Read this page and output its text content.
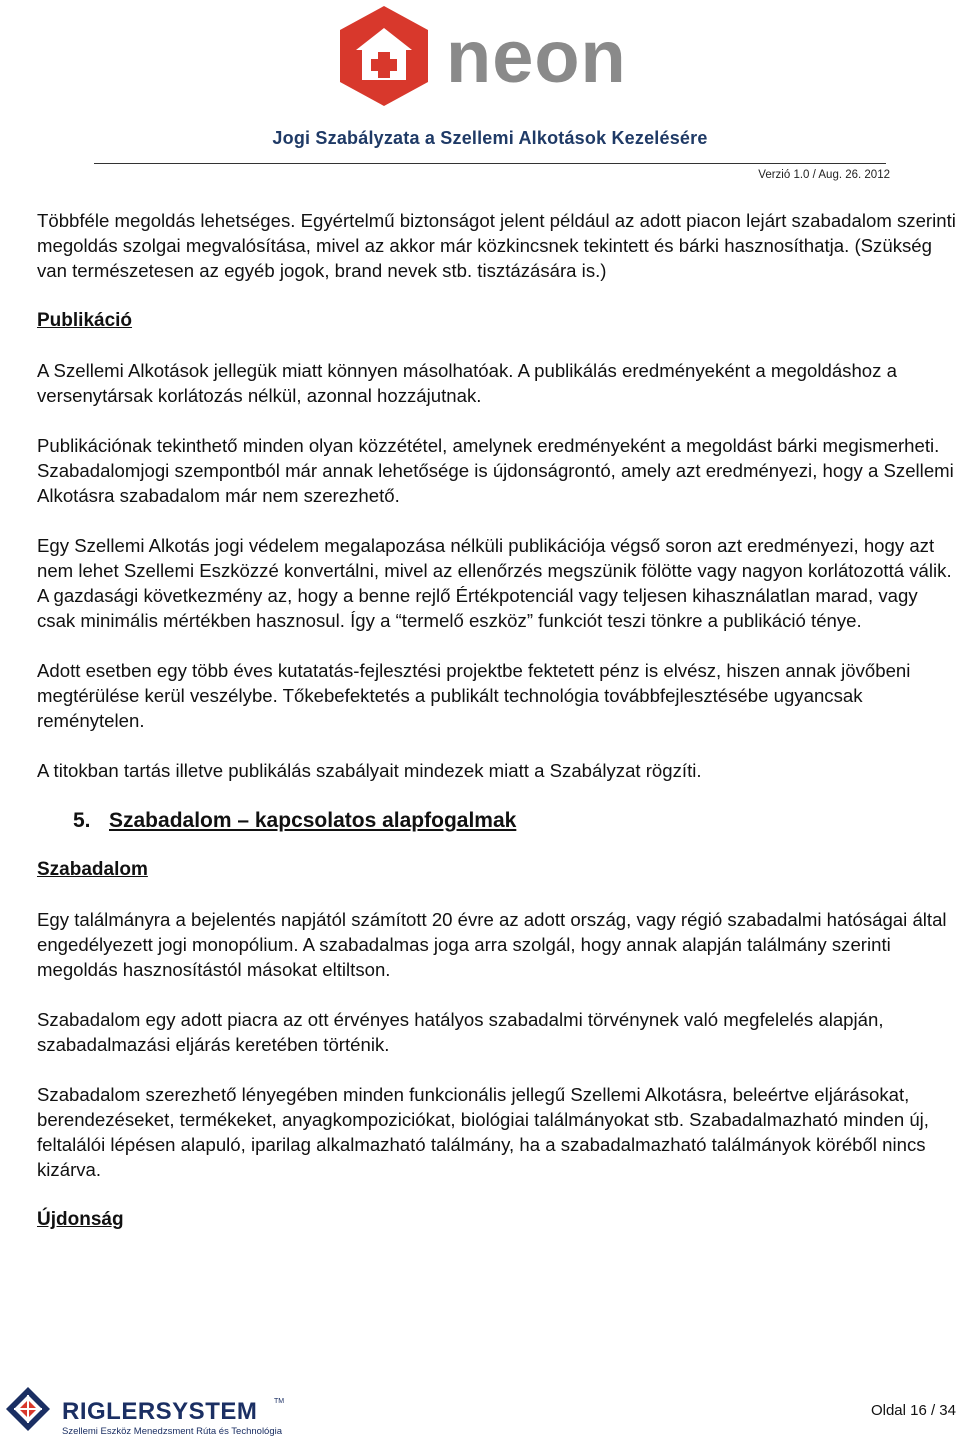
neon
Jogi Szabályzata a Szellemi Alkotások Kezelésére
Verzió 1.0 / Aug. 26. 2012

Többféle megoldás lehetséges. Egyértelmű biztonságot jelent például az adott piacon lejárt szabadalom szerinti megoldás szolgai megvalósítása, mivel az akkor már közkincsnek tekintett és bárki hasznosíthatja. (Szükség van természetesen az egyéb jogok, brand nevek stb. tisztázására is.)

Publikáció

A Szellemi Alkotások jellegük miatt könnyen másolhatóak. A publikálás eredményeként a megoldáshoz a versenytársak korlátozás nélkül, azonnal hozzájutnak.

Publikációnak tekinthető minden olyan közzététel, amelynek eredményeként a megoldást bárki megismerheti. Szabadalomjogi szempontból már annak lehetősége is újdonságrontó, amely azt eredményezi, hogy a Szellemi Alkotásra szabadalom már nem szerezhető.

Egy Szellemi Alkotás jogi védelem megalapozása nélküli publikációja végső soron azt eredményezi, hogy azt nem lehet Szellemi Eszközzé konvertálni, mivel az ellenőrzés megszünik fölötte vagy nagyon korlátozottá válik. A gazdasági következmény az, hogy a benne rejlő Értékpotenciál vagy teljesen kihasználatlan marad, vagy csak minimális mértékben hasznosul. Így a “termelő eszköz” funkciót teszi tönkre a publikáció ténye.

Adott esetben egy több éves kutatatás-fejlesztési projektbe fektetett pénz is elvész, hiszen annak jövőbeni megtérülése kerül veszélybe. Tőkebefektetés a publikált technológia továbbfejlesztésébe ugyancsak reménytelen.

A titokban tartás illetve publikálás szabályait mindezek miatt a Szabályzat rögzíti.

5. Szabadalom – kapcsolatos alapfogalmak
Szabadalom

Egy találmányra a bejelentés napjától számított 20 évre az adott ország, vagy régió szabadalmi hatóságai által engedélyezett jogi monopólium. A szabadalmas joga arra szolgál, hogy annak alapján találmány szerinti megoldás hasznosítástól másokat eltiltson.

Szabadalom egy adott piacra az ott érvényes hatályos szabadalmi törvénynek való megfelelés alapján, szabadalmazási eljárás keretében történik.

Szabadalom szerezhető lényegében minden funkcionális jellegű Szellemi Alkotásra, beleértve eljárásokat, berendezéseket, termékeket, anyagkompoziciókat, biológiai találmányokat stb. Szabadalmazható minden új, feltalálói lépésen alapuló, iparilag alkalmazható találmány, ha a szabadalmazható találmányok köréből nincs kizárva.

Újdonság
RIGLERSYSTEM TM
Szellemi Eszköz Menedzsment Rúta és Technológia
Oldal 16 / 34
